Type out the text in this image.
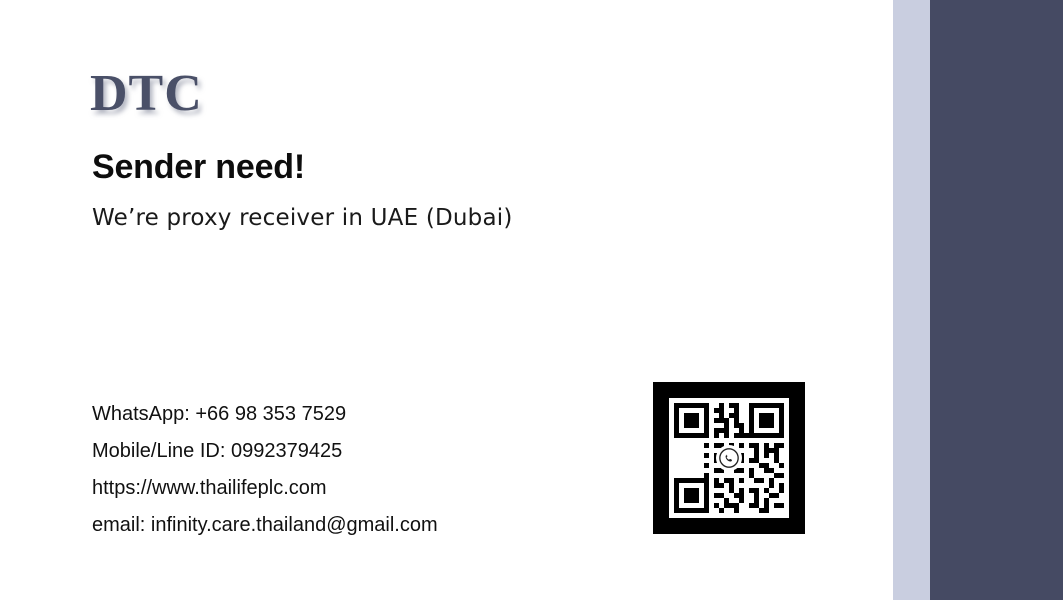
DTC
Sender need!
We’re proxy receiver in UAE (Dubai)
WhatsApp: +66 98 353 7529
Mobile/Line ID: 0992379425
https://www.thailifeplc.com
email: infinity.care.thailand@gmail.com
